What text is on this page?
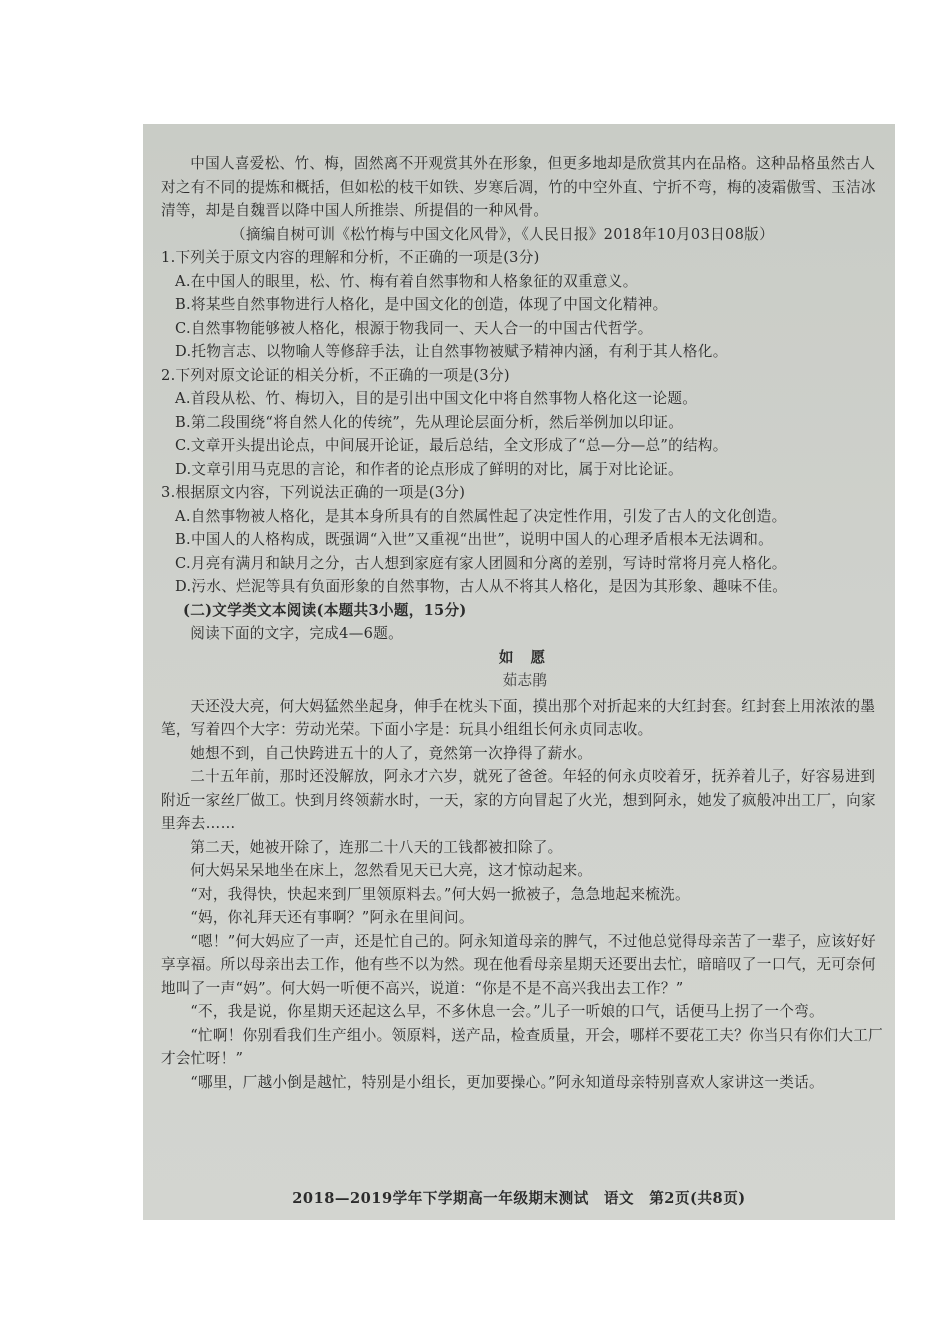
中国人喜爱松、竹、梅，固然离不开观赏其外在形象，但更多地却是欣赏其内在品格。这种品格虽然古人对之有不同的提炼和概括，但如松的枝干如铁、岁寒后凋，竹的中空外直、宁折不弯，梅的凌霜傲雪、玉洁冰清等，却是自魏晋以降中国人所推崇、所提倡的一种风骨。

（摘编自树可训《松竹梅与中国文化风骨》，《人民日报》2018年10月03日08版）

1.下列关于原文内容的理解和分析，不正确的一项是(3分)

A.在中国人的眼里，松、竹、梅有着自然事物和人格象征的双重意义。

B.将某些自然事物进行人格化，是中国文化的创造，体现了中国文化精神。

C.自然事物能够被人格化，根源于物我同一、天人合一的中国古代哲学。

D.托物言志、以物喻人等修辞手法，让自然事物被赋予精神内涵，有利于其人格化。

2.下列对原文论证的相关分析，不正确的一项是(3分)

A.首段从松、竹、梅切入，目的是引出中国文化中将自然事物人格化这一论题。

B.第二段围绕“将自然人化的传统”，先从理论层面分析，然后举例加以印证。

C.文章开头提出论点，中间展开论证，最后总结，全文形成了“总—分—总”的结构。

D.文章引用马克思的言论，和作者的论点形成了鲜明的对比，属于对比论证。

3.根据原文内容，下列说法正确的一项是(3分)

A.自然事物被人格化，是其本身所具有的自然属性起了决定性作用，引发了古人的文化创造。

B.中国人的人格构成，既强调“入世”又重视“出世”，说明中国人的心理矛盾根本无法调和。

C.月亮有满月和缺月之分，古人想到家庭有家人团圆和分离的差别，写诗时常将月亮人格化。

D.污水、烂泥等具有负面形象的自然事物，古人从不将其人格化，是因为其形象、趣味不佳。

(二)文学类文本阅读(本题共3小题，15分)

阅读下面的文字，完成4—6题。

如 愿

茹志鹃

天还没大亮，何大妈猛然坐起身，伸手在枕头下面，摸出那个对折起来的大红封套。红封套上用浓浓的墨笔，写着四个大字：劳动光荣。下面小字是：玩具小组组长何永贞同志收。

她想不到，自己快跨进五十的人了，竟然第一次挣得了薪水。

二十五年前，那时还没解放，阿永才六岁，就死了爸爸。年轻的何永贞咬着牙，抚养着儿子，好容易进到附近一家丝厂做工。快到月终领薪水时，一天，家的方向冒起了火光，想到阿永，她发了疯般冲出工厂，向家里奔去……

第二天，她被开除了，连那二十八天的工钱都被扣除了。

何大妈呆呆地坐在床上，忽然看见天已大亮，这才惊动起来。

“对，我得快，快起来到厂里领原料去。”何大妈一掀被子，急急地起来梳洗。

“妈，你礼拜天还有事啊？”阿永在里间问。

“嗯！”何大妈应了一声，还是忙自己的。阿永知道母亲的脾气，不过他总觉得母亲苦了一辈子，应该好好享享福。所以母亲出去工作，他有些不以为然。现在他看母亲星期天还要出去忙，暗暗叹了一口气，无可奈何地叫了一声“妈”。何大妈一听便不高兴，说道：“你是不是不高兴我出去工作？”

“不，我是说，你星期天还起这么早，不多休息一会。”儿子一听娘的口气，话便马上拐了一个弯。

“忙啊！你别看我们生产组小。领原料，送产品，检查质量，开会，哪样不要花工夫？你当只有你们大工厂才会忙呀！”

“哪里，厂越小倒是越忙，特别是小组长，更加要操心。”阿永知道母亲特别喜欢人家讲这一类话。

2018—2019学年下学期高一年级期末测试　语文　第2页(共8页)
